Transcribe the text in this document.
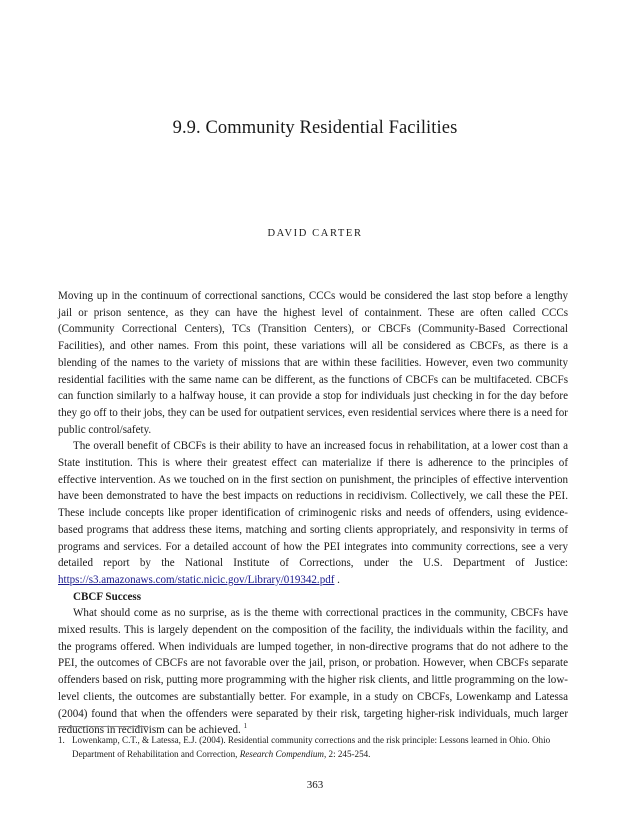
9.9. Community Residential Facilities
DAVID CARTER

Moving up in the continuum of correctional sanctions, CCCs would be considered the last stop before a lengthy jail or prison sentence, as they can have the highest level of containment. These are often called CCCs (Community Correctional Centers), TCs (Transition Centers), or CBCFs (Community-Based Correctional Facilities), and other names. From this point, these variations will all be considered as CBCFs, as there is a blending of the names to the variety of missions that are within these facilities. However, even two community residential facilities with the same name can be different, as the functions of CBCFs can be multifaceted. CBCFs can function similarly to a halfway house, it can provide a stop for individuals just checking in for the day before they go off to their jobs, they can be used for outpatient services, even residential services where there is a need for public control/safety.

The overall benefit of CBCFs is their ability to have an increased focus in rehabilitation, at a lower cost than a State institution. This is where their greatest effect can materialize if there is adherence to the principles of effective intervention. As we touched on in the first section on punishment, the principles of effective intervention have been demonstrated to have the best impacts on reductions in recidivism. Collectively, we call these the PEI. These include concepts like proper identification of criminogenic risks and needs of offenders, using evidence-based programs that address these items, matching and sorting clients appropriately, and responsivity in terms of programs and services. For a detailed account of how the PEI integrates into community corrections, see a very detailed report by the National Institute of Corrections, under the U.S. Department of Justice: https://s3.amazonaws.com/static.nicic.gov/Library/019342.pdf .

CBCF Success

What should come as no surprise, as is the theme with correctional practices in the community, CBCFs have mixed results. This is largely dependent on the composition of the facility, the individuals within the facility, and the programs offered. When individuals are lumped together, in non-directive programs that do not adhere to the PEI, the outcomes of CBCFs are not favorable over the jail, prison, or probation. However, when CBCFs separate offenders based on risk, putting more programming with the higher risk clients, and little programming on the low-level clients, the outcomes are substantially better. For example, in a study on CBCFs, Lowenkamp and Latessa (2004) found that when the offenders were separated by their risk, targeting higher-risk individuals, much larger reductions in recidivism can be achieved. $^1$

1. Lowenkamp, C.T., & Latessa, E.J. (2004). Residential community corrections and the risk principle: Lessons learned in Ohio. Ohio Department of Rehabilitation and Correction, Research Compendium, 2: 245-254.
363
